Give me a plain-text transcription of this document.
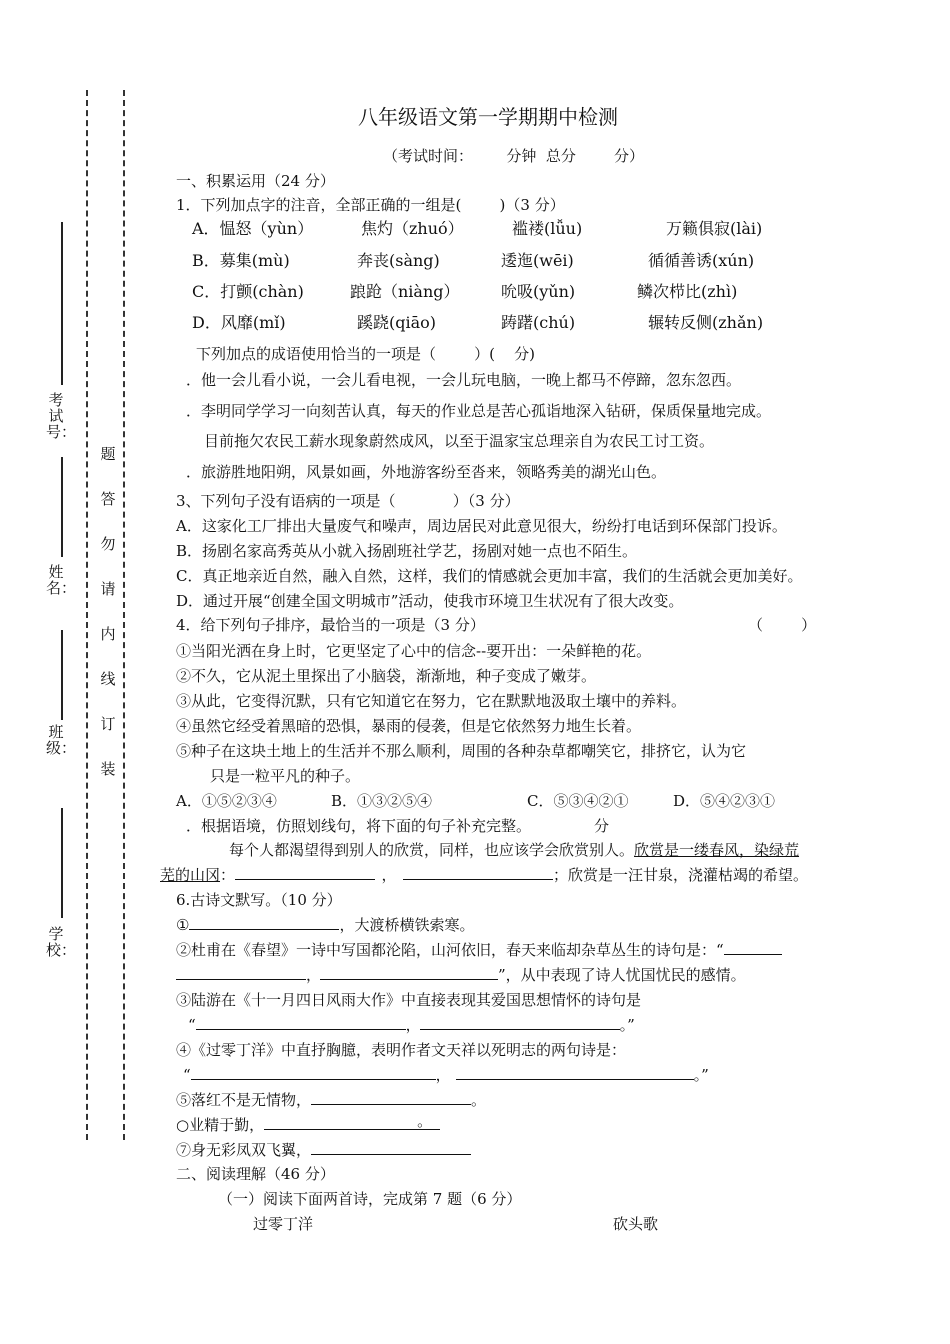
考试号：
姓名：
班级：
学校：
题
答
勿
请
内
线
订
装
八年级语文第一学期期中检测
（考试时间：       分钟  总分        分）
一、积累运用（24 分）
1．下列加点字的注音，全部正确的一组是(        )（3 分）
A．愠怒（yùn）	焦灼（zhuó）	褴褛(lǚu)	万籁俱寂(lài)
B．募集(mù)	奔丧(sàng)	逶迤(wēi)	循循善诱(xún)
C．打颤(chàn)	踉跄（niàng）	吮吸(yǔn)	鳞次栉比(zhì)
D．风靡(mǐ)	蹊跷(qiāo)	踌躇(chú)	辗转反侧(zhǎn)
下列加点的成语使用恰当的一项是（        ）(    分)
．他一会儿看小说，一会儿看电视，一会儿玩电脑，一晚上都马不停蹄，忽东忽西。
．李明同学学习一向刻苦认真，每天的作业总是苦心孤诣地深入钻研，保质保量地完成。
目前拖欠农民工薪水现象蔚然成风，以至于温家宝总理亲自为农民工讨工资。
．旅游胜地阳朔，风景如画，外地游客纷至沓来，领略秀美的湖光山色。
3、下列句子没有语病的一项是（            ）（3 分）
A．这家化工厂排出大量废气和噪声，周边居民对此意见很大，纷纷打电话到环保部门投诉。
B．扬剧名家高秀英从小就入扬剧班社学艺，扬剧对她一点也不陌生。
C．真正地亲近自然，融入自然，这样，我们的情感就会更加丰富，我们的生活就会更加美好。
D．通过开展“创建全国文明城市”活动，使我市环境卫生状况有了很大改变。
4．给下列句子排序，最恰当的一项是（3 分）	（        ）
①当阳光洒在身上时，它更坚定了心中的信念--要开出：一朵鲜艳的花。
②不久，它从泥土里探出了小脑袋，渐渐地，种子变成了嫩芽。
③从此，它变得沉默，只有它知道它在努力，它在默默地汲取土壤中的养料。
④虽然它经受着黑暗的恐惧，暴雨的侵袭，但是它依然努力地生长着。
⑤种子在这块土地上的生活并不那么顺利，周围的各种杂草都嘲笑它，排挤它，认为它
只是一粒平凡的种子。
A．①⑤②③④	B．①③②⑤④	C．⑤③④②①	D．⑤④②③①
．根据语境，仿照划线句，将下面的句子补充完整。	分
每个人都渴望得到别人的欣赏，同样，也应该学会欣赏别人。欣赏是一缕春风，染绿荒
芜的山冈：	，	；欣赏是一汪甘泉，浇灌枯竭的希望。
6.古诗文默写。（10 分）
①	，大渡桥横铁索寒。
②杜甫在《春望》一诗中写国都沦陷，山河依旧，春天来临却杂草丛生的诗句是：“
，	”，从中表现了诗人忧国忧民的感情。
③陆游在《十一月四日风雨大作》中直接表现其爱国思想情怀的诗句是
“	，	。”
④《过零丁洋》中直抒胸臆，表明作者文天祥以死明志的两句诗是：
“	，	。”
⑤落红不是无情物，	。
○业精于勤，	。
⑦身无彩凤双飞翼，
二、阅读理解（46 分）
（一）阅读下面两首诗，完成第 7 题（6 分）
过零丁洋	砍头歌
